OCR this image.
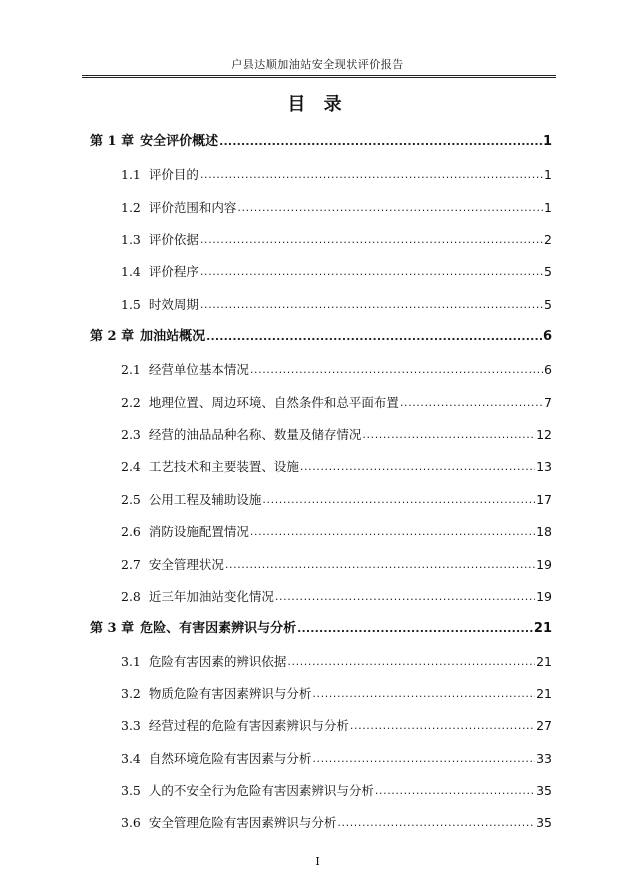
户县达顺加油站安全现状评价报告
目 录
第 1 章 安全评价概述 .....	1
1.1 评价目的 .....	1
1.2 评价范围和内容 .....	1
1.3 评价依据 .....	2
1.4 评价程序 .....	5
1.5 时效周期 .....	5
第 2 章 加油站概况 .....	6
2.1 经营单位基本情况 .....	6
2.2 地理位置、周边环境、自然条件和总平面布置 .....	7
2.3 经营的油品品种名称、数量及储存情况 .....	12
2.4 工艺技术和主要装置、设施 .....	13
2.5 公用工程及辅助设施 .....	17
2.6 消防设施配置情况 .....	18
2.7 安全管理状况 .....	19
2.8 近三年加油站变化情况 .....	19
第 3 章 危险、有害因素辨识与分析 .....	21
3.1 危险有害因素的辨识依据 .....	21
3.2 物质危险有害因素辨识与分析 .....	21
3.3 经营过程的危险有害因素辨识与分析 .....	27
3.4 自然环境危险有害因素与分析 .....	33
3.5 人的不安全行为危险有害因素辨识与分析 .....	35
3.6 安全管理危险有害因素辨识与分析 .....	35
I
